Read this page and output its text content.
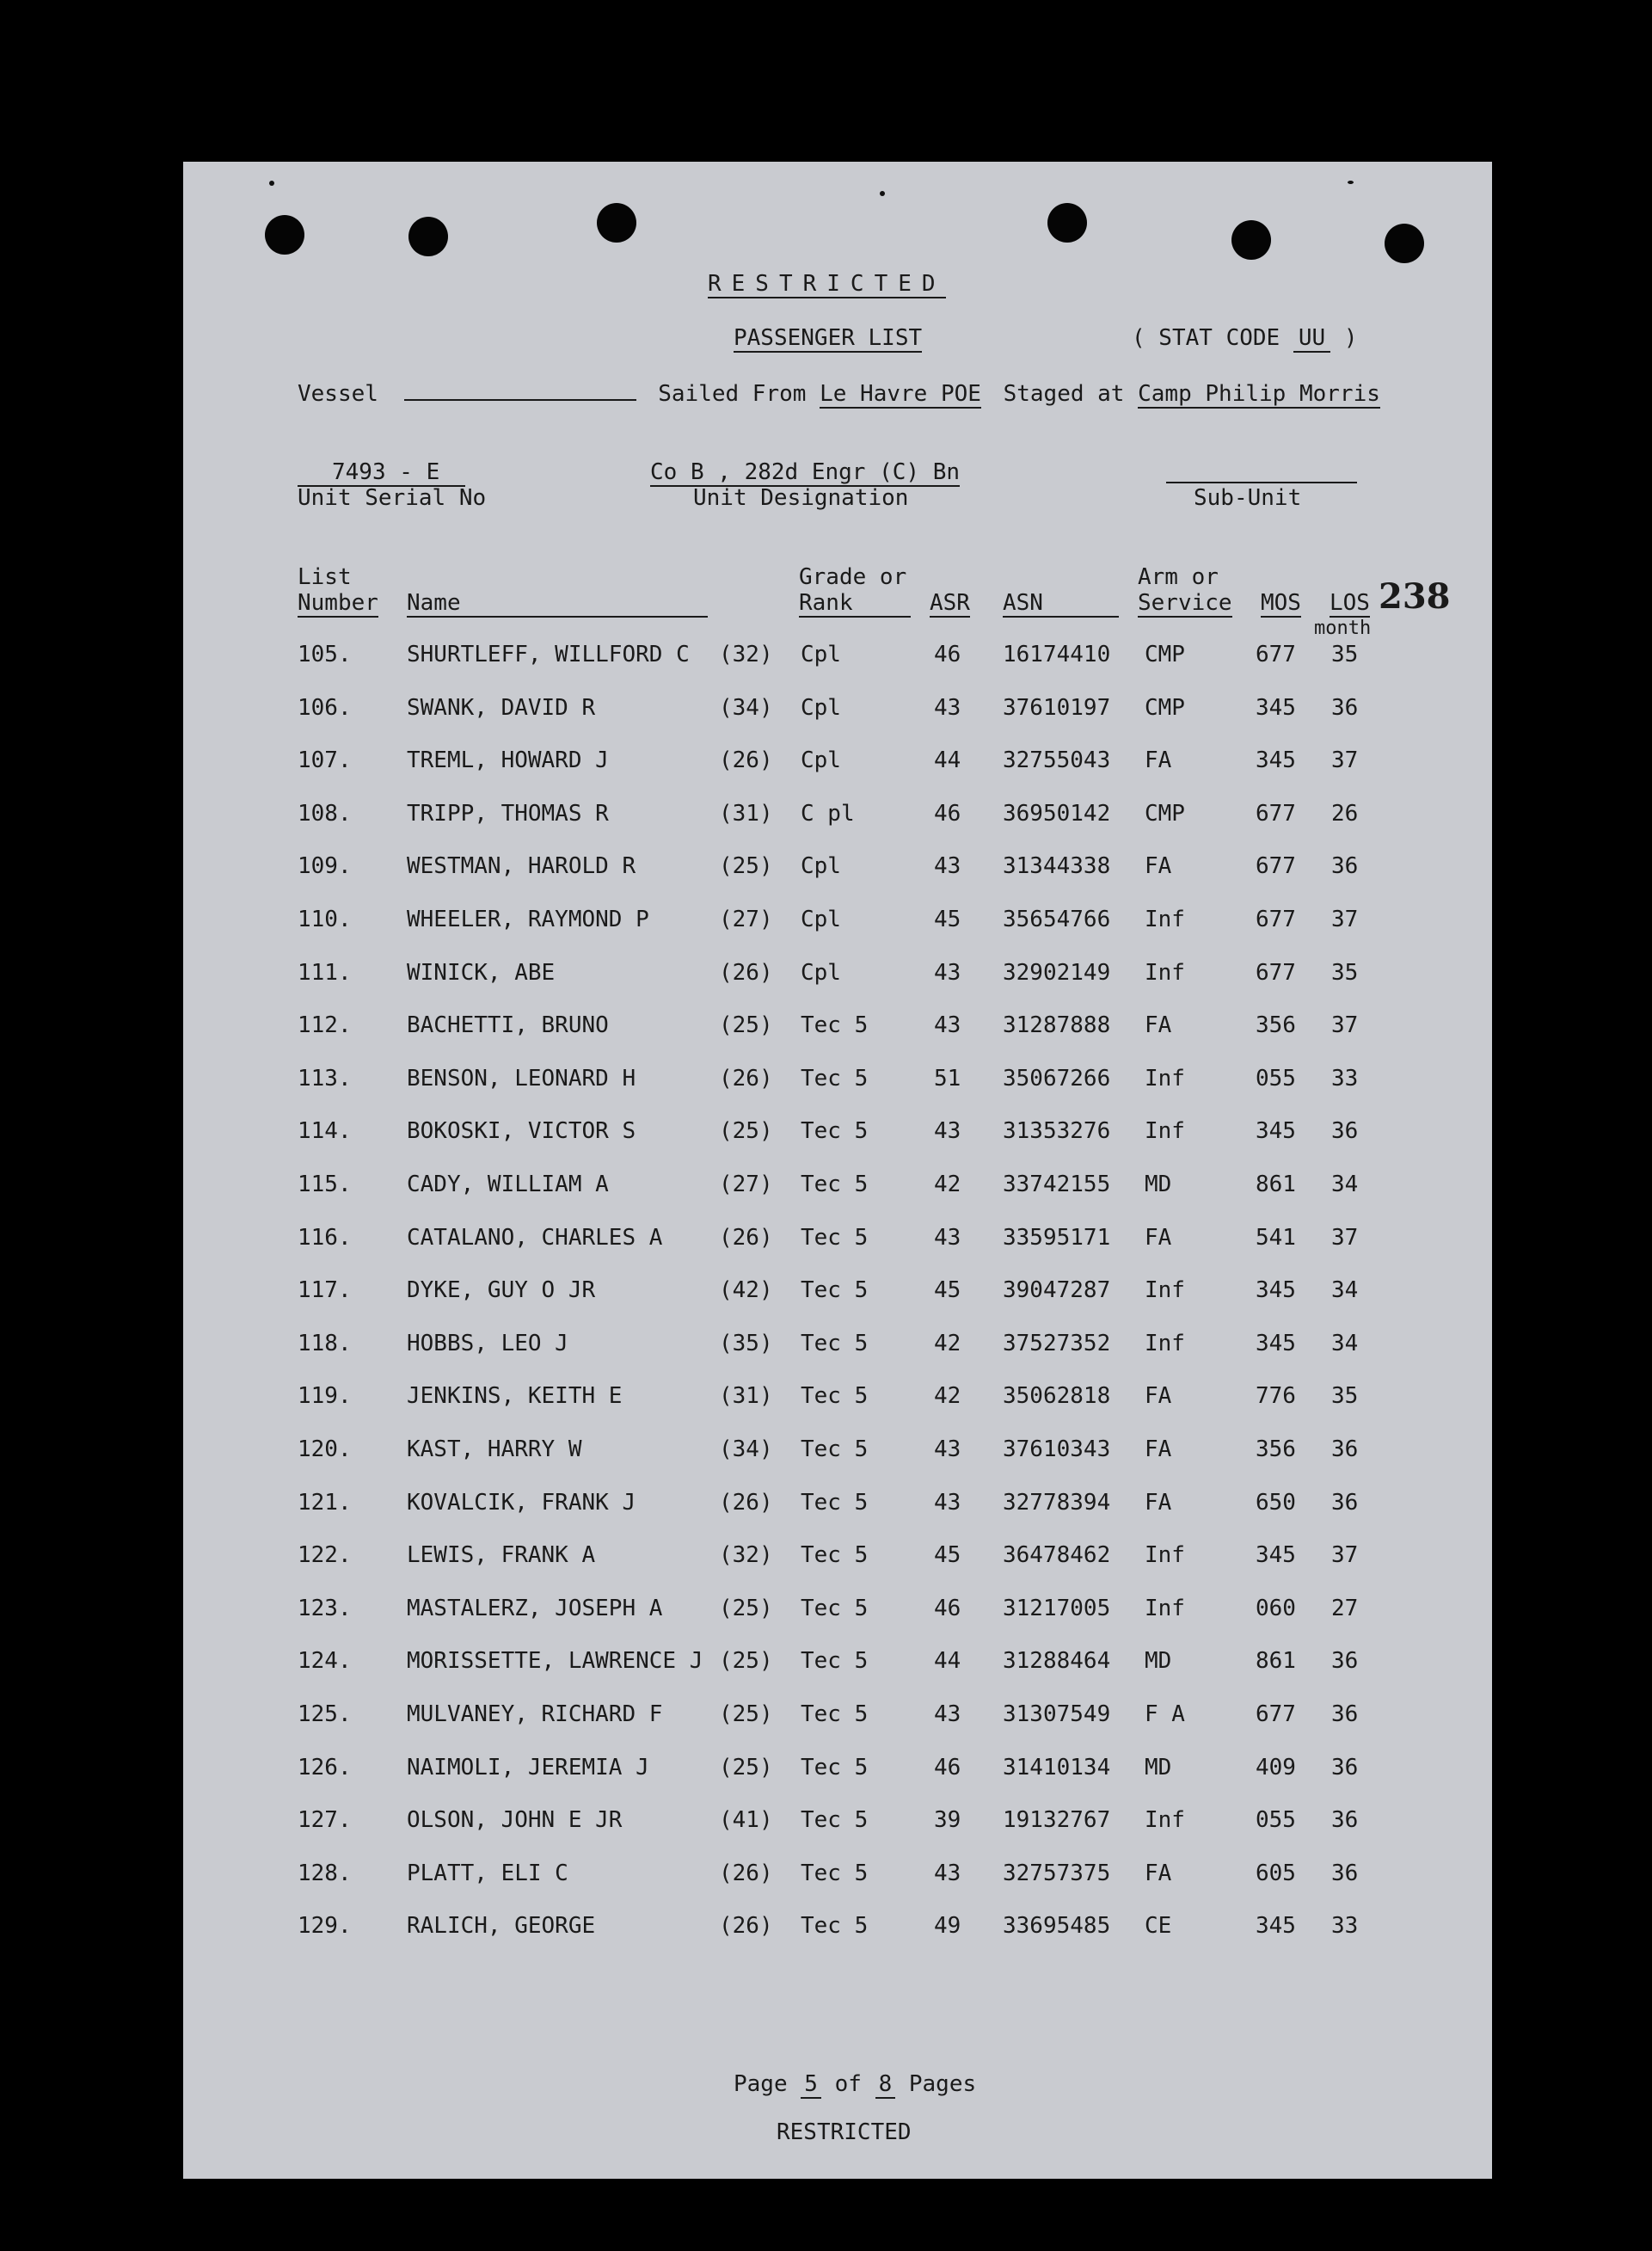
RESTRICTED
PASSENGER LIST	( STAT CODE UU )
Vessel	Sailed From Le Havre POE Staged at Camp Philip Morris
7493 - E
Unit Serial No
Co B , 282d Engr (C) Bn
Unit Designation	Sub-Unit
List
Number Name
Grade or
Rank	ASR ASN
Arm or
Service MOS LOS
month
238
105. SHURTLEFF, WILLFORD C (32) Cpl	46 16174410 CMP	677 35
106. SWANK, DAVID R	(34) Cpl	43 37610197 CMP	345 36
107. TREML, HOWARD J	(26) Cpl	44 32755043 FA	345 37
108. TRIPP, THOMAS R	(31) C pl	46 36950142 CMP	677 26
109. WESTMAN, HAROLD R	(25) Cpl	43 31344338 FA	677 36
110. WHEELER, RAYMOND P	(27) Cpl	45 35654766 Inf	677 37
111. WINICK, ABE	(26) Cpl	43 32902149 Inf	677 35
112. BACHETTI, BRUNO	(25) Tec 5	43 31287888 FA	356 37
113. BENSON, LEONARD H	(26) Tec 5	51 35067266 Inf	055 33
114. BOKOSKI, VICTOR S	(25) Tec 5	43 31353276 Inf	345 36
115. CADY, WILLIAM A	(27) Tec 5	42 33742155 MD	861 34
116. CATALANO, CHARLES A	(26) Tec 5	43 33595171 FA	541 37
117. DYKE, GUY O JR	(42) Tec 5	45 39047287 Inf	345 34
118. HOBBS, LEO J	(35) Tec 5	42 37527352 Inf	345 34
119. JENKINS, KEITH E	(31) Tec 5	42 35062818 FA	776 35
120. KAST, HARRY W	(34) Tec 5	43 37610343 FA	356 36
121. KOVALCIK, FRANK J	(26) Tec 5	43 32778394 FA	650 36
122. LEWIS, FRANK A	(32) Tec 5	45 36478462 Inf	345 37
123. MASTALERZ, JOSEPH A	(25) Tec 5	46 31217005 Inf	060 27
124. MORISSETTE, LAWRENCE J (25) Tec 5	44 31288464 MD	861 36
125. MULVANEY, RICHARD F	(25) Tec 5	43 31307549 F A	677 36
126. NAIMOLI, JEREMIA J	(25) Tec 5	46 31410134 MD	409 36
127. OLSON, JOHN E JR	(41) Tec 5	39 19132767 Inf	055 36
128. PLATT, ELI C	(26) Tec 5	43 32757375 FA	605 36
129. RALICH, GEORGE	(26) Tec 5	49 33695485 CE	345 33
Page 5 of 8 Pages
RESTRICTED
